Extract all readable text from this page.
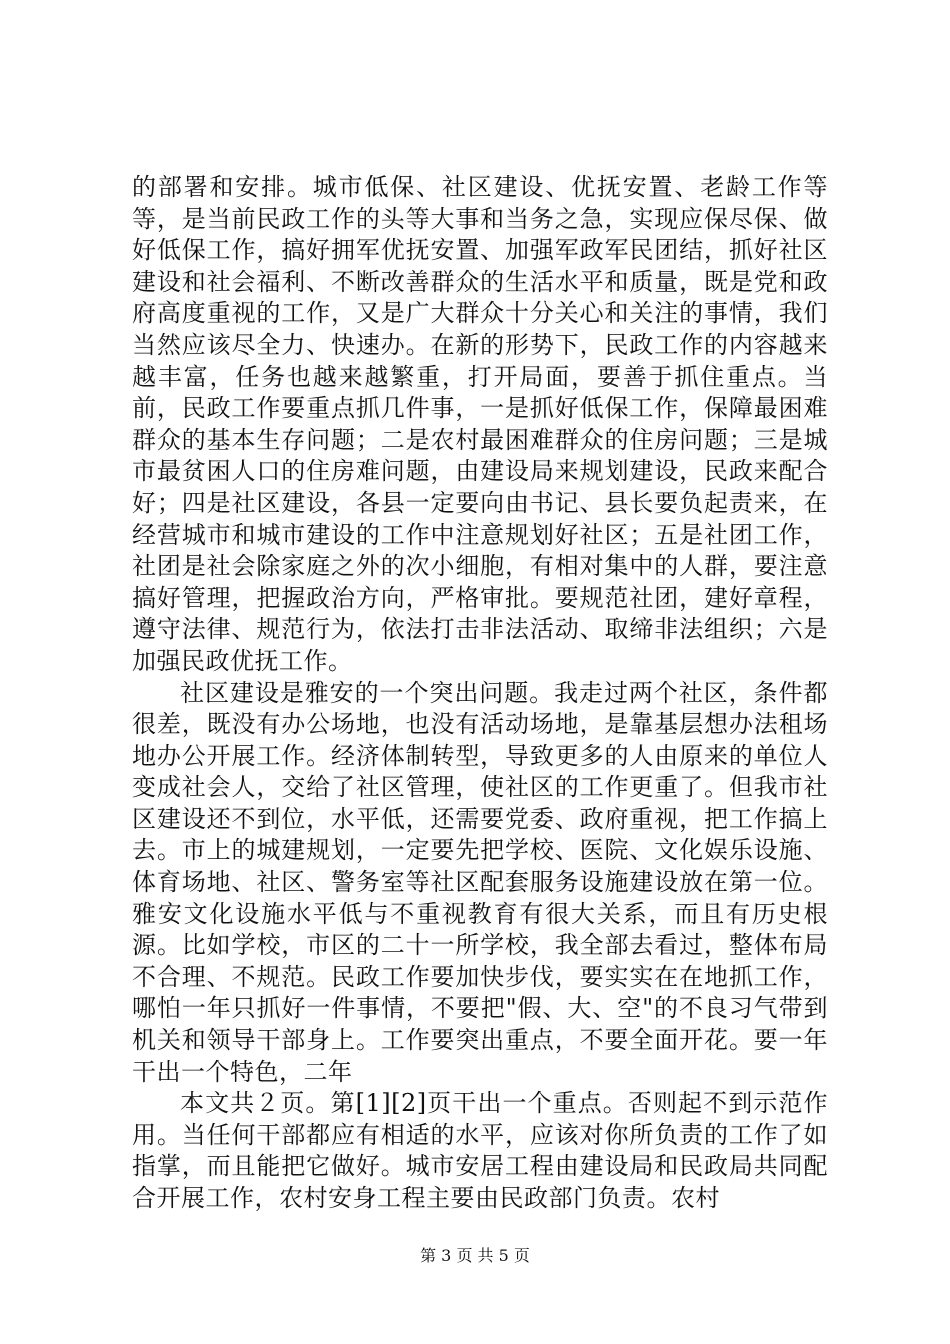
的部署和安排。城市低保、社区建设、优抚安置、老龄工作等等，是当前民政工作的头等大事和当务之急，实现应保尽保、做好低保工作，搞好拥军优抚安置、加强军政军民团结，抓好社区建设和社会福利、不断改善群众的生活水平和质量，既是党和政府高度重视的工作，又是广大群众十分关心和关注的事情，我们当然应该尽全力、快速办。在新的形势下，民政工作的内容越来越丰富，任务也越来越繁重，打开局面，要善于抓住重点。当前，民政工作要重点抓几件事，一是抓好低保工作，保障最困难群众的基本生存问题；二是农村最困难群众的住房问题；三是城市最贫困人口的住房难问题，由建设局来规划建设，民政来配合好；四是社区建设，各县一定要向由书记、县长要负起责来，在经营城市和城市建设的工作中注意规划好社区；五是社团工作，社团是社会除家庭之外的次小细胞，有相对集中的人群，要注意搞好管理，把握政治方向，严格审批。要规范社团，建好章程，遵守法律、规范行为，依法打击非法活动、取缔非法组织；六是加强民政优抚工作。

社区建设是雅安的一个突出问题。我走过两个社区，条件都很差，既没有办公场地，也没有活动场地，是靠基层想办法租场地办公开展工作。经济体制转型，导致更多的人由原来的单位人变成社会人，交给了社区管理，使社区的工作更重了。但我市社区建设还不到位，水平低，还需要党委、政府重视，把工作搞上去。市上的城建规划，一定要先把学校、医院、文化娱乐设施、体育场地、社区、警务室等社区配套服务设施建设放在第一位。雅安文化设施水平低与不重视教育有很大关系，而且有历史根源。比如学校，市区的二十一所学校，我全部去看过，整体布局不合理、不规范。民政工作要加快步伐，要实实在在地抓工作，哪怕一年只抓好一件事情，不要把"假、大、空"的不良习气带到机关和领导干部身上。工作要突出重点，不要全面开花。要一年干出一个特色，二年

本文共２页。第[1][2]页干出一个重点。否则起不到示范作用。当任何干部都应有相适的水平，应该对你所负责的工作了如指掌，而且能把它做好。城市安居工程由建设局和民政局共同配合开展工作，农村安身工程主要由民政部门负责。农村

第 3 页 共 5 页
